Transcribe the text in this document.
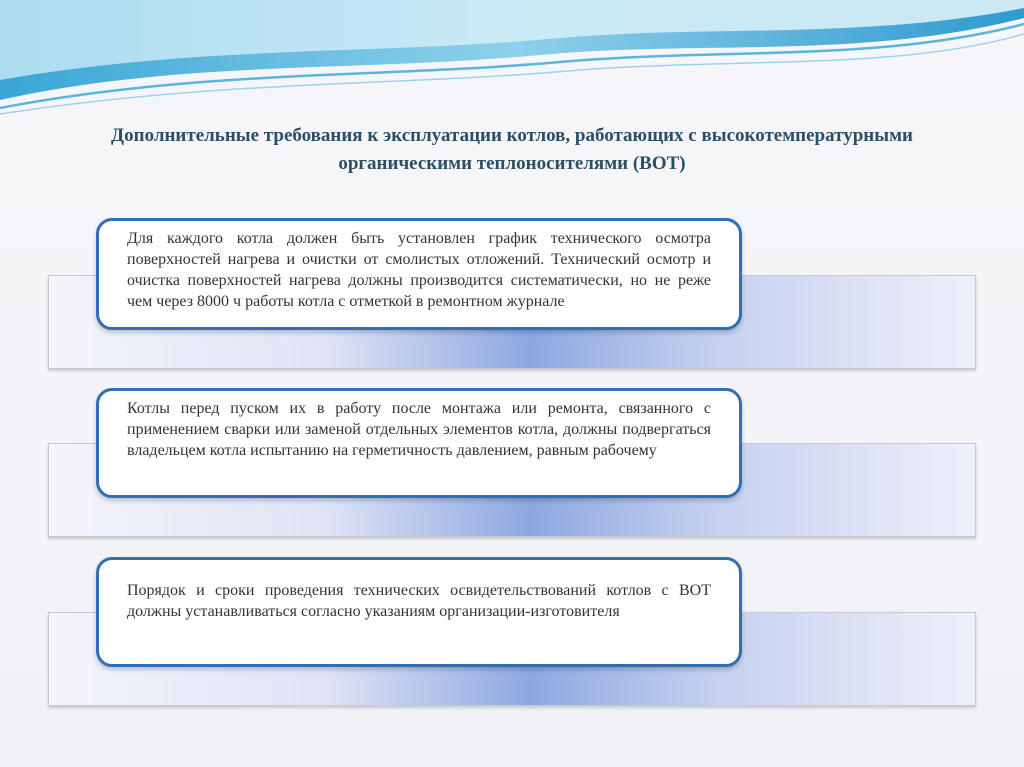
Дополнительные требования к эксплуатации котлов, работающих с высокотемпературными органическими теплоносителями (ВОТ)

Для каждого котла должен быть установлен график технического осмотра поверхностей нагрева и очистки от смолистых отложений. Технический осмотр и очистка поверхностей нагрева должны производится систематически, но не реже чем через 8000 ч работы котла с отметкой в ремонтном журнале

Котлы перед пуском их в работу после монтажа или ремонта, связанного с применением сварки или заменой отдельных элементов котла, должны подвергаться владельцем котла испытанию на герметичность давлением, равным рабочему

Порядок и сроки проведения технических освидетельствований котлов с ВОТ должны устанавливаться согласно указаниям организации-изготовителя
